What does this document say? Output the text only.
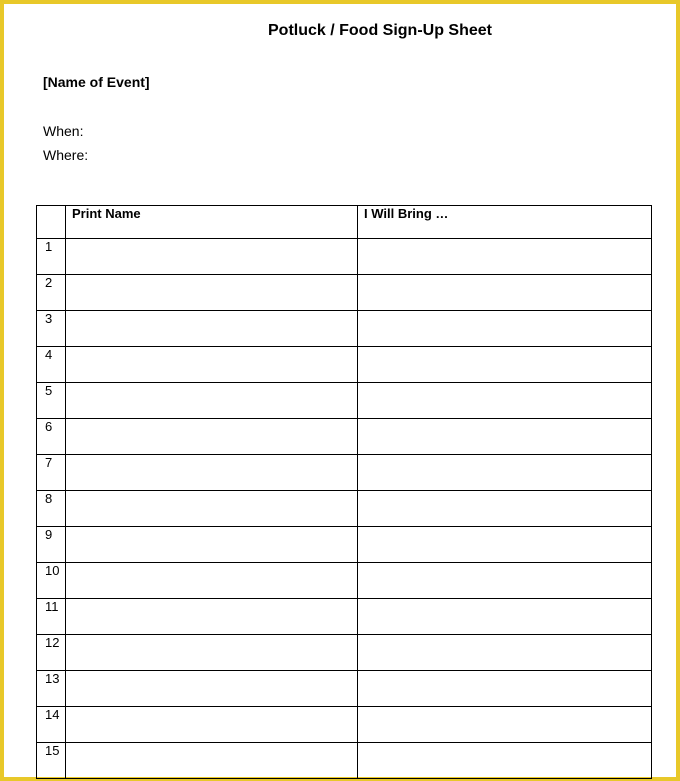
Potluck / Food Sign-Up Sheet
[Name of Event]
When:
Where:
	Print Name	I Will Bring …
1		
2		
3		
4		
5		
6		
7		
8		
9		
10		
11		
12		
13		
14		
15		
